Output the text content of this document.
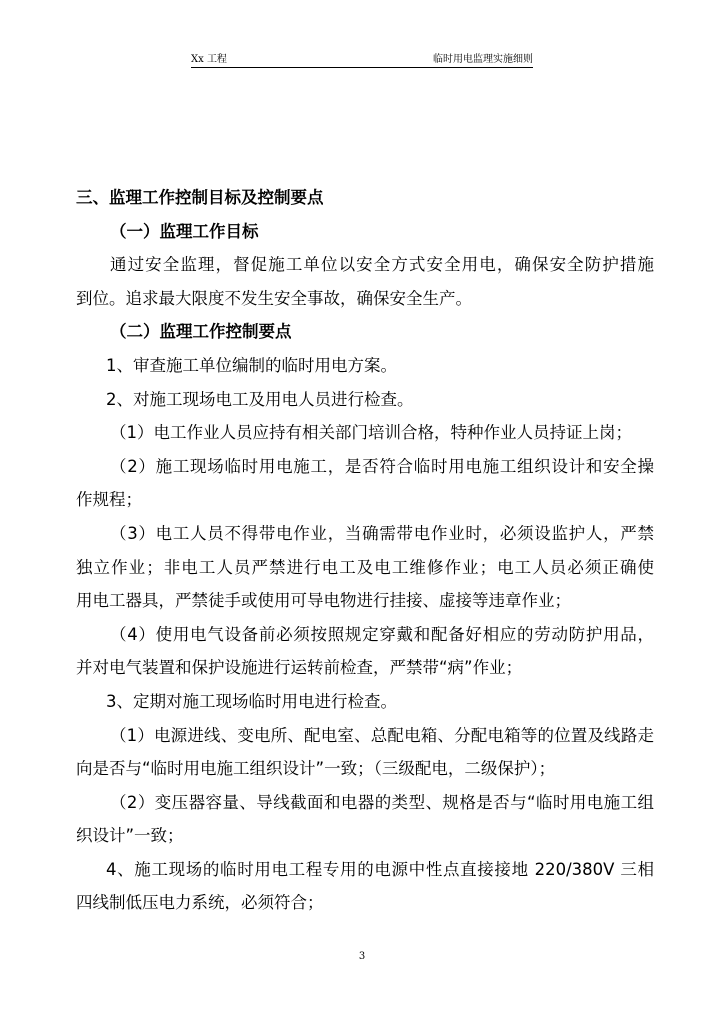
Xx 工程	临时用电监理实施细则
三、监理工作控制目标及控制要点
（一）监理工作目标
通过安全监理，督促施工单位以安全方式安全用电，确保安全防护措施
到位。追求最大限度不发生安全事故，确保安全生产。
（二）监理工作控制要点
1、审查施工单位编制的临时用电方案。
2、对施工现场电工及用电人员进行检查。
（1）电工作业人员应持有相关部门培训合格，特种作业人员持证上岗；
（2）施工现场临时用电施工，是否符合临时用电施工组织设计和安全操
作规程；
（3）电工人员不得带电作业，当确需带电作业时，必须设监护人，严禁
独立作业；非电工人员严禁进行电工及电工维修作业；电工人员必须正确使
用电工器具，严禁徒手或使用可导电物进行挂接、虚接等违章作业；
（4）使用电气设备前必须按照规定穿戴和配备好相应的劳动防护用品，
并对电气装置和保护设施进行运转前检查，严禁带“病”作业；
3、定期对施工现场临时用电进行检查。
（1）电源进线、变电所、配电室、总配电箱、分配电箱等的位置及线路走
向是否与“临时用电施工组织设计”一致；（三级配电，二级保护）；
（2）变压器容量、导线截面和电器的类型、规格是否与“临时用电施工组
织设计”一致；
4、施工现场的临时用电工程专用的电源中性点直接接地 220/380V 三相
四线制低压电力系统，必须符合；
3
